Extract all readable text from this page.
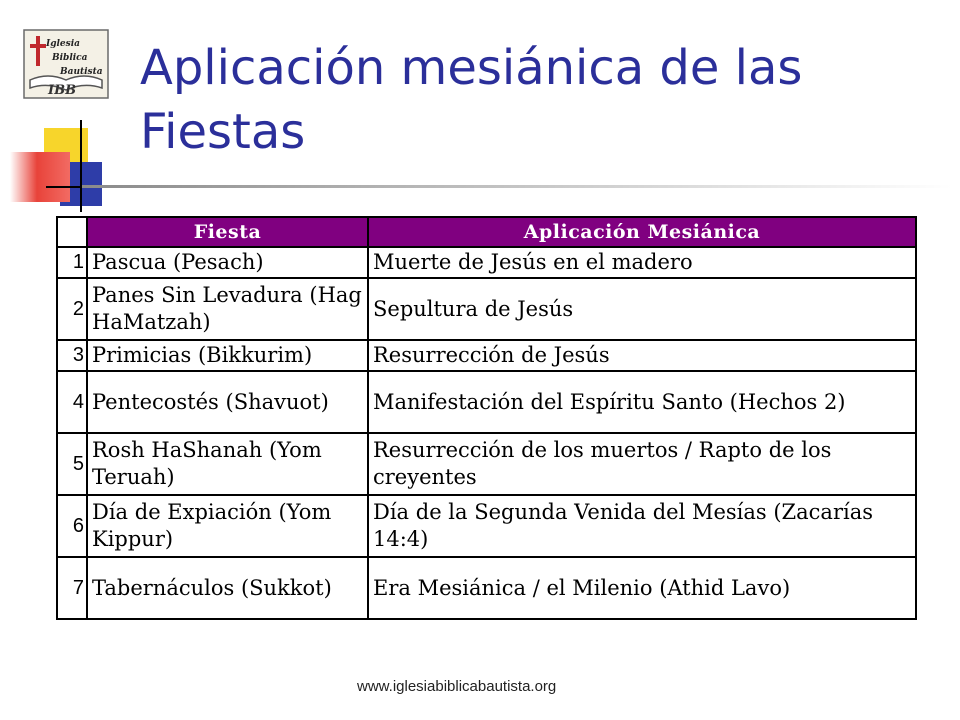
Iglesia
Biblica
Bautista
IBB Aplicación mesiánica de las Fiestas
	Fiesta	Aplicación Mesiánica
1	Pascua (Pesach)	Muerte de Jesús en el madero
2	Panes Sin Levadura (Hag HaMatzah)	Sepultura de Jesús
3	Primicias (Bikkurim)	Resurrección de Jesús
4	Pentecostés (Shavuot)	Manifestación del Espíritu Santo (Hechos 2)
5	Rosh HaShanah (Yom Teruah)	Resurrección de los muertos / Rapto de los creyentes
6	Día de Expiación (Yom Kippur)	Día de la Segunda Venida del Mesías (Zacarías 14:4)
7	Tabernáculos (Sukkot)	Era Mesiánica / el Milenio (Athid Lavo)
www.iglesiabiblicabautista.org
